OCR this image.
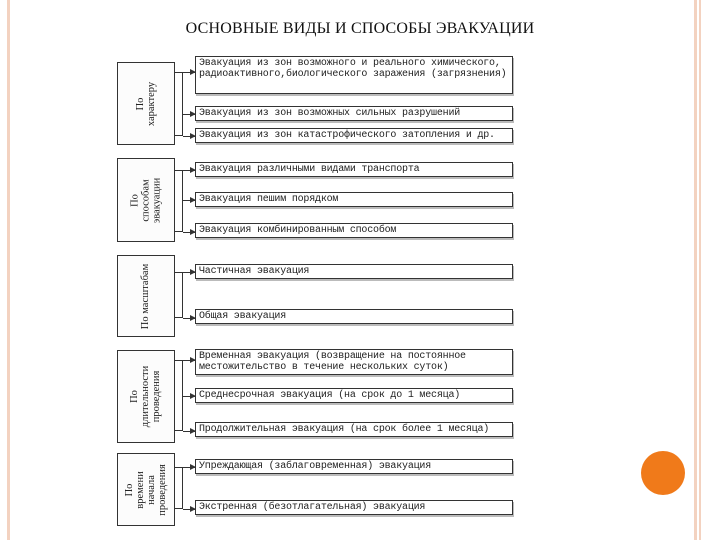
ОСНОВНЫЕ ВИДЫ И СПОСОБЫ ЭВАКУАЦИИ
По
характеру
Эвакуация из зон возможного и реального химического, радиоактивного,биологического заражения (загрязнения)
Эвакуация из зон возможных сильных разрушений
Эвакуация из зон катастрофического затопления и др.
По
способам
эвакуации
Эвакуация различными видами транспорта
Эвакуация пешим порядком
Эвакуация комбинированным способом
По масштабам	Частичная эвакуация
Общая эвакуация
По
длительности
проведения
Временная эвакуация (возвращение на постоянное местожительство в течение нескольких суток)
Среднесрочная эвакуация (на срок до 1 месяца)
Продолжительная эвакуация (на срок более 1 месяца)
По
времени
начала
проведения	Упреждающая (заблаговременная) эвакуация
Экстренная (безотлагательная) эвакуация
